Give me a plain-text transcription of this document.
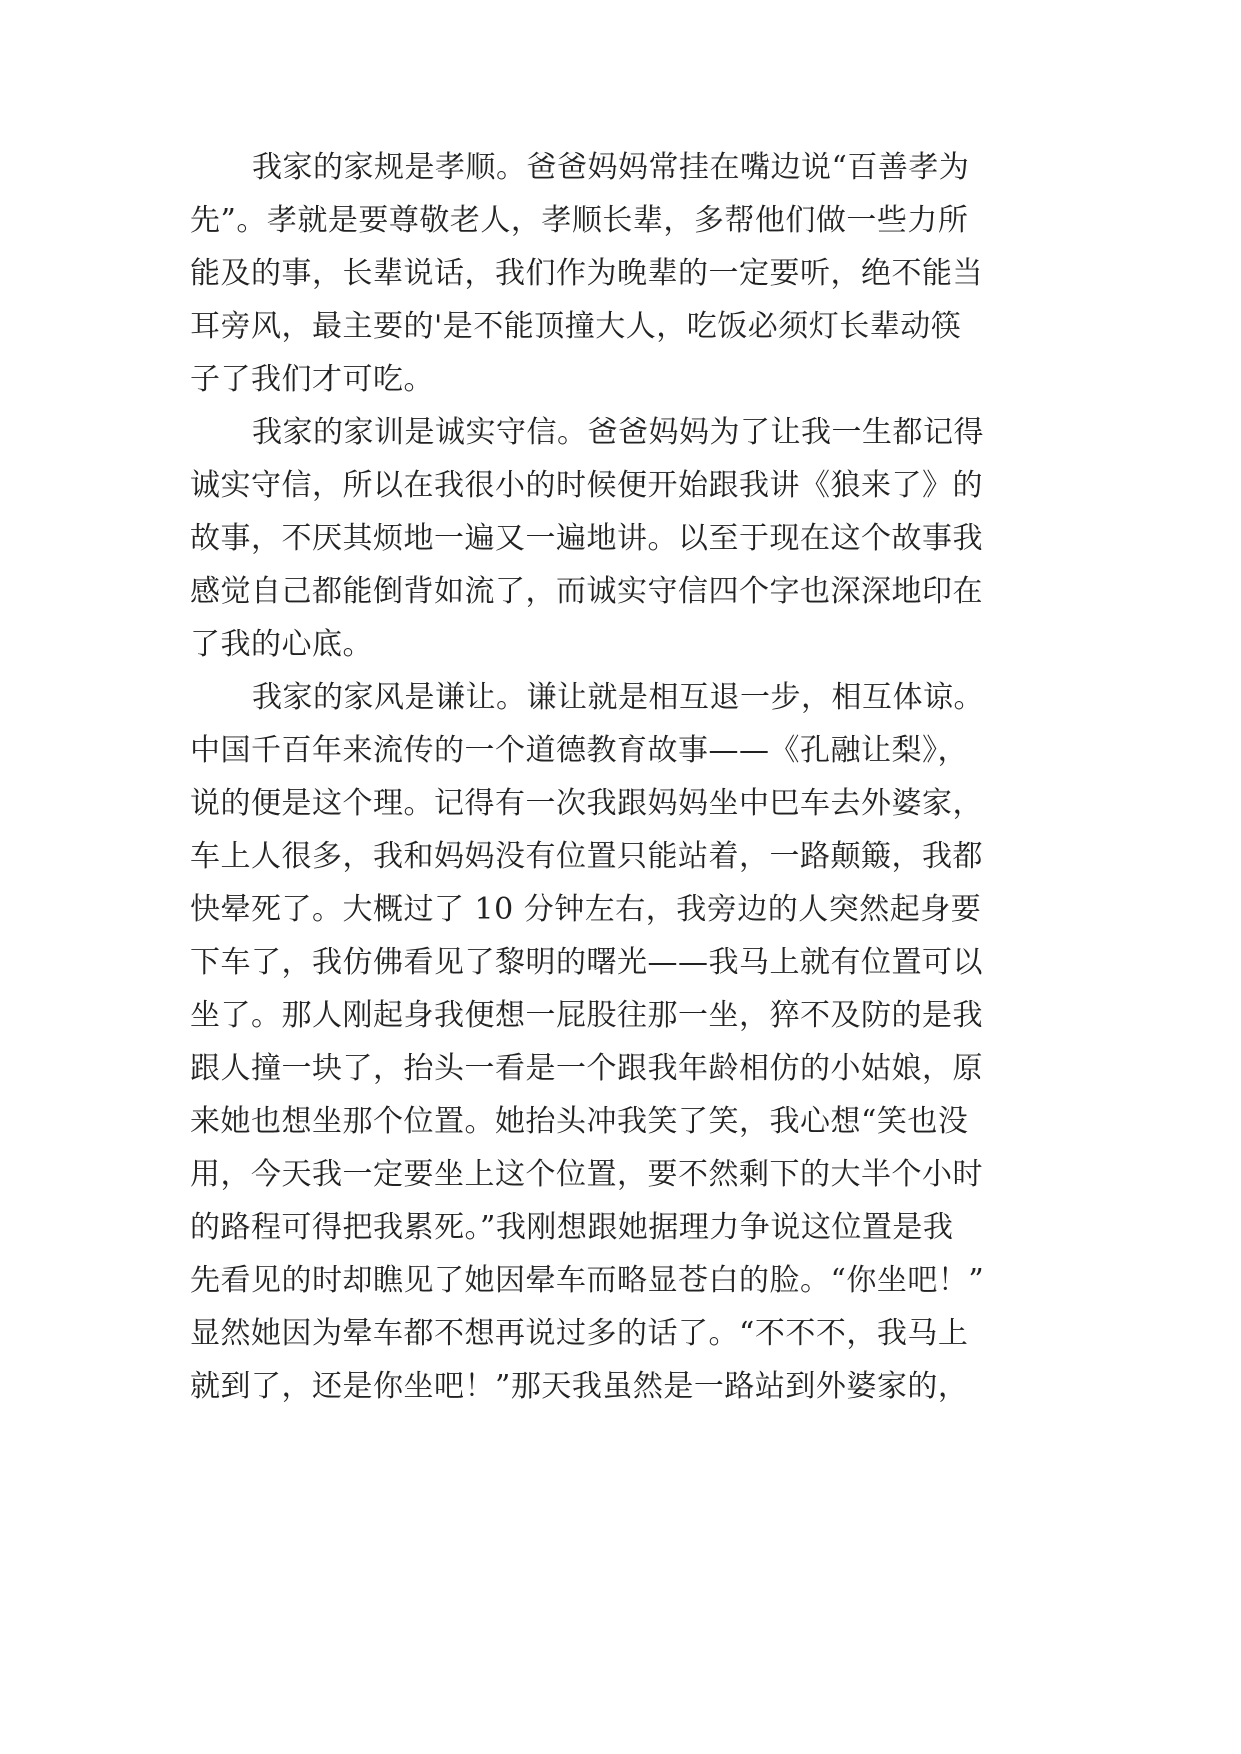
我家的家规是孝顺。爸爸妈妈常挂在嘴边说“百善孝为

先”。孝就是要尊敬老人，孝顺长辈，多帮他们做一些力所

能及的事，长辈说话，我们作为晚辈的一定要听，绝不能当

耳旁风，最主要的'是不能顶撞大人，吃饭必须灯长辈动筷

子了我们才可吃。

我家的家训是诚实守信。爸爸妈妈为了让我一生都记得

诚实守信，所以在我很小的时候便开始跟我讲《狼来了》的

故事，不厌其烦地一遍又一遍地讲。以至于现在这个故事我

感觉自己都能倒背如流了，而诚实守信四个字也深深地印在

了我的心底。

我家的家风是谦让。谦让就是相互退一步，相互体谅。

中国千百年来流传的一个道德教育故事——《孔融让梨》，

说的便是这个理。记得有一次我跟妈妈坐中巴车去外婆家，

车上人很多，我和妈妈没有位置只能站着，一路颠簸，我都

快晕死了。大概过了 10 分钟左右，我旁边的人突然起身要

下车了，我仿佛看见了黎明的曙光——我马上就有位置可以

坐了。那人刚起身我便想一屁股往那一坐，猝不及防的是我

跟人撞一块了，抬头一看是一个跟我年龄相仿的小姑娘，原

来她也想坐那个位置。她抬头冲我笑了笑，我心想“笑也没

用，今天我一定要坐上这个位置，要不然剩下的大半个小时

的路程可得把我累死。”我刚想跟她据理力争说这位置是我

先看见的时却瞧见了她因晕车而略显苍白的脸。“你坐吧！”

显然她因为晕车都不想再说过多的话了。“不不不，我马上

就到了，还是你坐吧！”那天我虽然是一路站到外婆家的，
